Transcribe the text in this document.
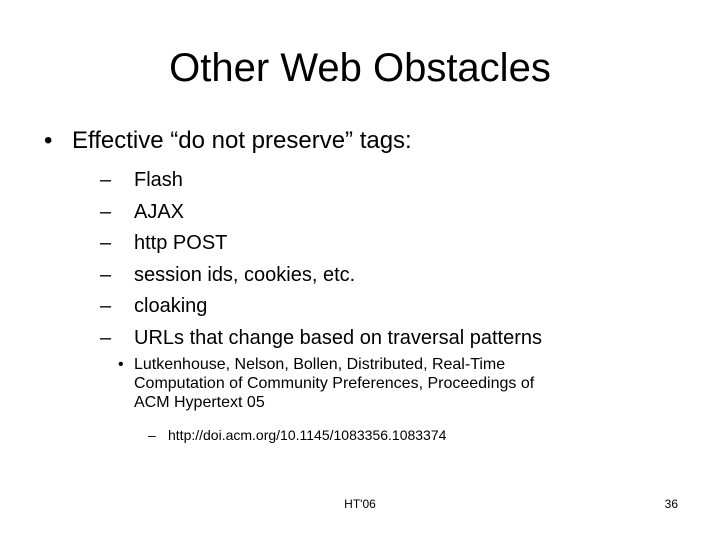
Other Web Obstacles
• Effective “do not preserve” tags:
– Flash
– AJAX
– http POST
– session ids, cookies, etc.
– cloaking
– URLs that change based on traversal patterns
• Lutkenhouse, Nelson, Bollen, Distributed, Real-Time
Computation of Community Preferences, Proceedings of
ACM Hypertext 05
– http://doi.acm.org/10.1145/1083356.1083374
HT'06	36
